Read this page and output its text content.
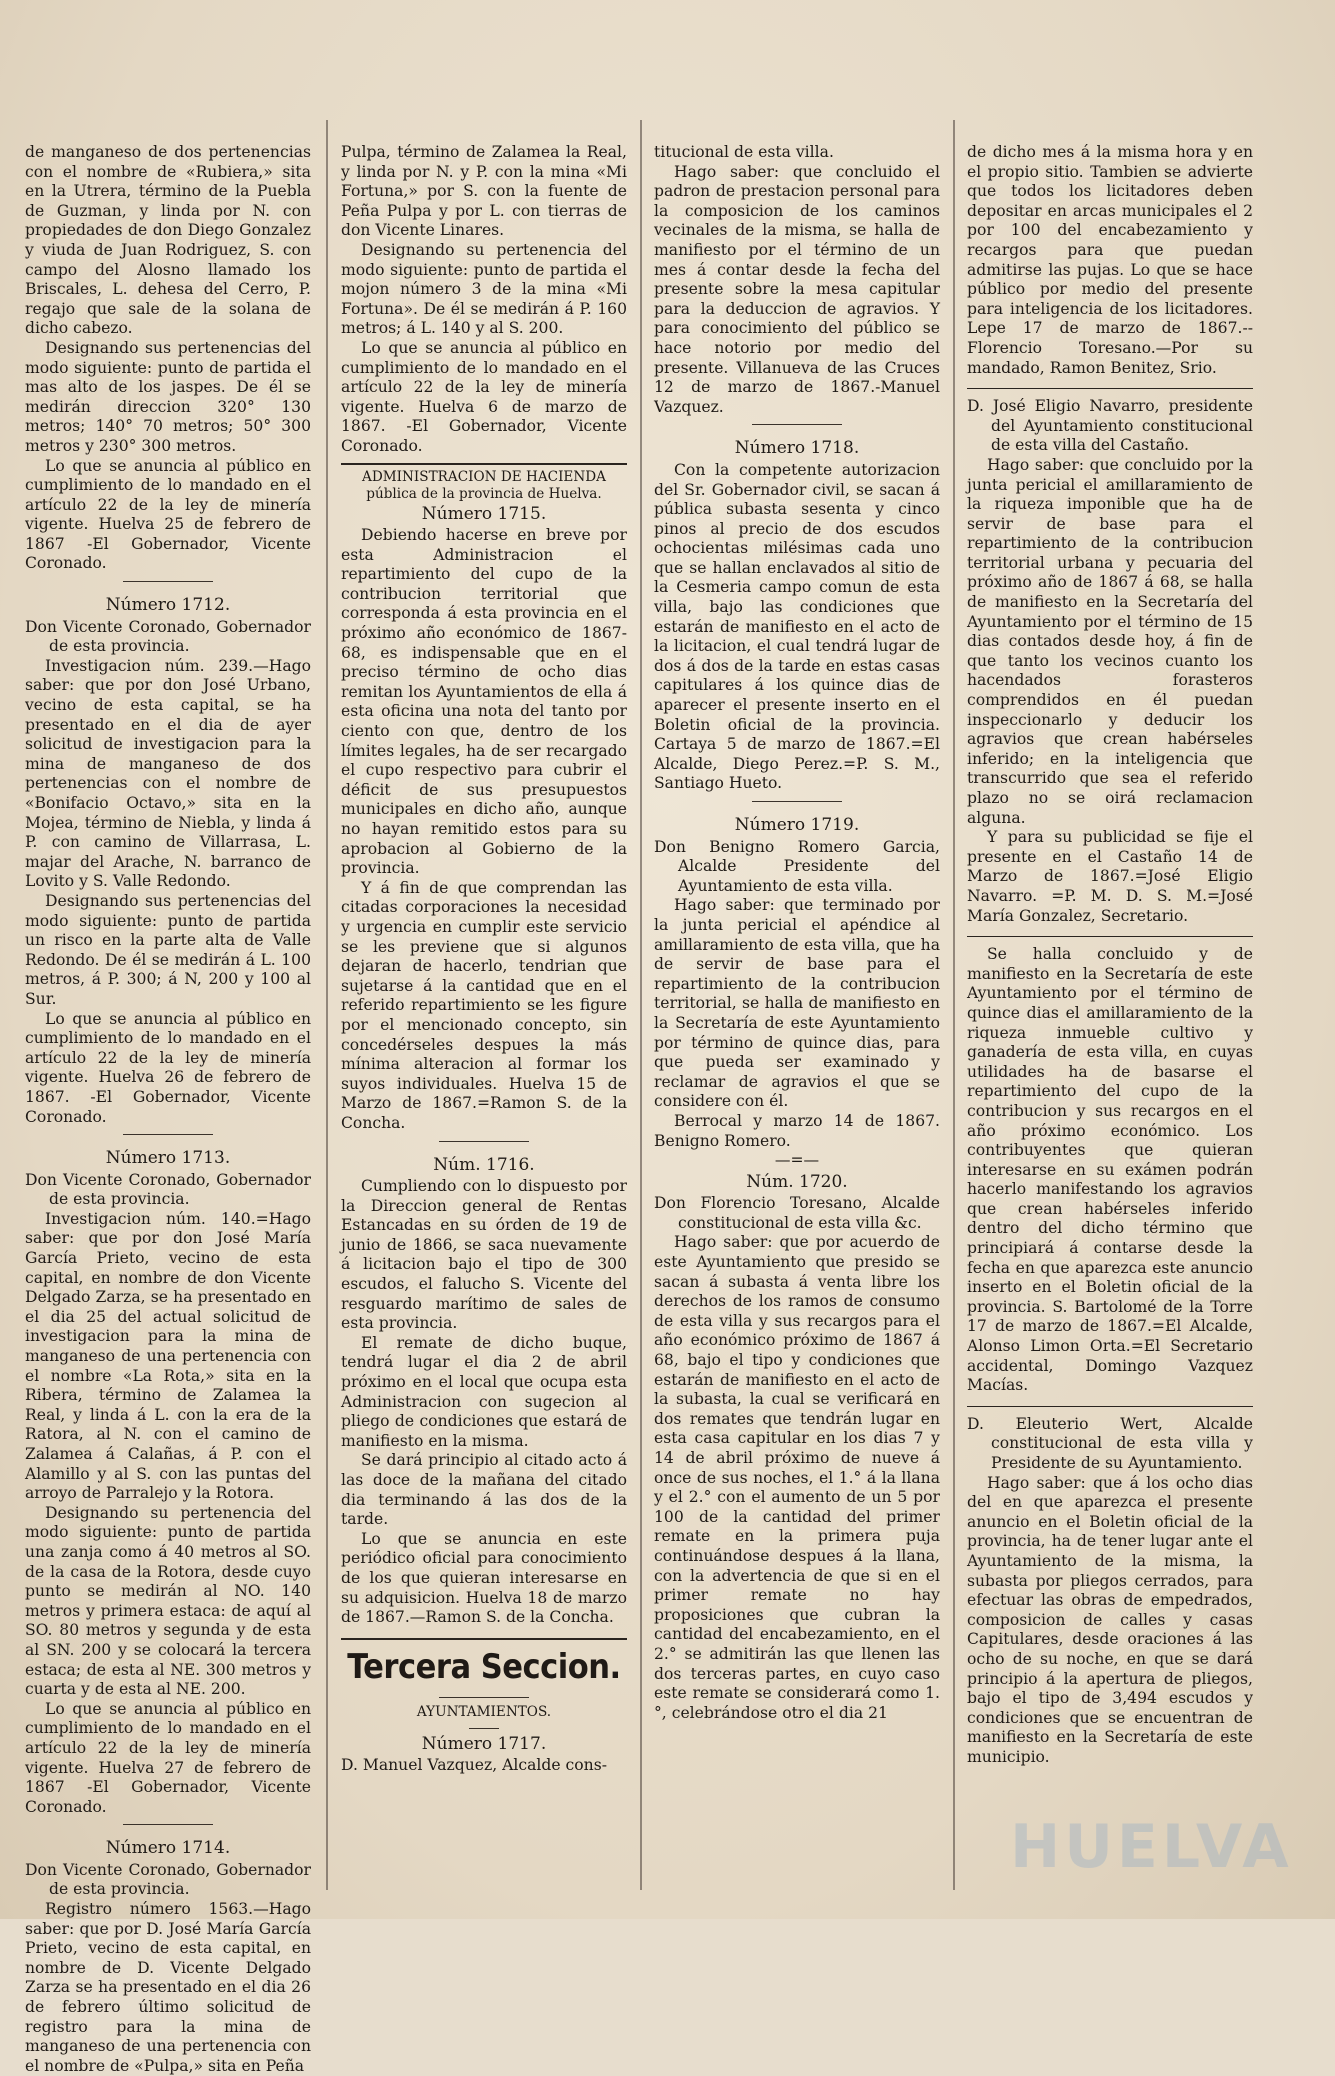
de manganeso de dos pertenencias con el nombre de «Rubiera,» sita en la Utrera, término de la Puebla de Guzman, y linda por N. con propiedades de don Diego Gonzalez y viuda de Juan Rodriguez, S. con campo del Alosno llamado los Briscales, L. dehesa del Cerro, P. regajo que sale de la solana de dicho cabezo.

Designando sus pertenencias del modo siguiente: punto de partida el mas alto de los jaspes. De él se medirán direccion 320° 130 metros; 140° 70 metros; 50° 300 metros y 230° 300 metros.

Lo que se anuncia al público en cumplimiento de lo mandado en el artículo 22 de la ley de minería vigente. Huelva 25 de febrero de 1867 -El Gobernador, Vicente Coronado.

Número 1712.

Don Vicente Coronado, Gobernador de esta provincia.

Investigacion núm. 239.—Hago saber: que por don José Urbano, vecino de esta capital, se ha presentado en el dia de ayer solicitud de investigacion para la mina de manganeso de dos pertenencias con el nombre de «Bonifacio Octavo,» sita en la Mojea, término de Niebla, y linda á P. con camino de Villarrasa, L. majar del Arache, N. barranco de Lovito y S. Valle Redondo.

Designando sus pertenencias del modo siguiente: punto de partida un risco en la parte alta de Valle Redondo. De él se medirán á L. 100 metros, á P. 300; á N, 200 y 100 al Sur.

Lo que se anuncia al público en cumplimiento de lo mandado en el artículo 22 de la ley de minería vigente. Huelva 26 de febrero de 1867. -El Gobernador, Vicente Coronado.

Número 1713.

Don Vicente Coronado, Gobernador de esta provincia.

Investigacion núm. 140.=Hago saber: que por don José María García Prieto, vecino de esta capital, en nombre de don Vicente Delgado Zarza, se ha presentado en el dia 25 del actual solicitud de investigacion para la mina de manganeso de una pertenencia con el nombre «La Rota,» sita en la Ribera, término de Zalamea la Real, y linda á L. con la era de la Ratora, al N. con el camino de Zalamea á Calañas, á P. con el Alamillo y al S. con las puntas del arroyo de Parralejo y la Rotora.

Designando su pertenencia del modo siguiente: punto de partida una zanja como á 40 metros al SO. de la casa de la Rotora, desde cuyo punto se medirán al NO. 140 metros y primera estaca: de aquí al SO. 80 metros y segunda y de esta al SN. 200 y se colocará la tercera estaca; de esta al NE. 300 metros y cuarta y de esta al NE. 200.

Lo que se anuncia al público en cumplimiento de lo mandado en el artículo 22 de la ley de minería vigente. Huelva 27 de febrero de 1867 -El Gobernador, Vicente Coronado.

Número 1714.

Don Vicente Coronado, Gobernador de esta provincia.

Registro número 1563.—Hago saber: que por D. José María García Prieto, vecino de esta capital, en nombre de D. Vicente Delgado Zarza se ha presentado en el dia 26 de febrero último solicitud de registro para la mina de manganeso de una pertenencia con el nombre de «Pulpa,» sita en Peña

Pulpa, término de Zalamea la Real, y linda por N. y P. con la mina «Mi Fortuna,» por S. con la fuente de Peña Pulpa y por L. con tierras de don Vicente Linares.

Designando su pertenencia del modo siguiente: punto de partida el mojon número 3 de la mina «Mi Fortuna». De él se medirán á P. 160 metros; á L. 140 y al S. 200.

Lo que se anuncia al público en cumplimiento de lo mandado en el artículo 22 de la ley de minería vigente. Huelva 6 de marzo de 1867. -El Gobernador, Vicente Coronado.

ADMINISTRACION DE HACIENDA
pública de la provincia de Huelva.
Número 1715.

Debiendo hacerse en breve por esta Administracion el repartimiento del cupo de la contribucion territorial que corresponda á esta provincia en el próximo año económico de 1867-68, es indispensable que en el preciso término de ocho dias remitan los Ayuntamientos de ella á esta oficina una nota del tanto por ciento con que, dentro de los límites legales, ha de ser recargado el cupo respectivo para cubrir el déficit de sus presupuestos municipales en dicho año, aunque no hayan remitido estos para su aprobacion al Gobierno de la provincia.

Y á fin de que comprendan las citadas corporaciones la necesidad y urgencia en cumplir este servicio se les previene que si algunos dejaran de hacerlo, tendrian que sujetarse á la cantidad que en el referido repartimiento se les figure por el mencionado concepto, sin concedérseles despues la más mínima alteracion al formar los suyos individuales. Huelva 15 de Marzo de 1867.=Ramon S. de la Concha.

Núm. 1716.

Cumpliendo con lo dispuesto por la Direccion general de Rentas Estancadas en su órden de 19 de junio de 1866, se saca nuevamente á licitacion bajo el tipo de 300 escudos, el falucho S. Vicente del resguardo marítimo de sales de esta provincia.

El remate de dicho buque, tendrá lugar el dia 2 de abril próximo en el local que ocupa esta Administracion con sugecion al pliego de condiciones que estará de manifiesto en la misma.

Se dará principio al citado acto á las doce de la mañana del citado dia terminando á las dos de la tarde.

Lo que se anuncia en este periódico oficial para conocimiento de los que quieran interesarse en su adquisicion. Huelva 18 de marzo de 1867.—Ramon S. de la Concha.

Tercera Seccion.
AYUNTAMIENTOS.
Número 1717.

D. Manuel Vazquez, Alcalde cons-

titucional de esta villa.

Hago saber: que concluido el padron de prestacion personal para la composicion de los caminos vecinales de la misma, se halla de manifiesto por el término de un mes á contar desde la fecha del presente sobre la mesa capitular para la deduccion de agravios. Y para conocimiento del público se hace notorio por medio del presente. Villanueva de las Cruces 12 de marzo de 1867.-Manuel Vazquez.

Número 1718.

Con la competente autorizacion del Sr. Gobernador civil, se sacan á pública subasta sesenta y cinco pinos al precio de dos escudos ochocientas milésimas cada uno que se hallan enclavados al sitio de la Cesmeria campo comun de esta villa, bajo las condiciones que estarán de manifiesto en el acto de la licitacion, el cual tendrá lugar de dos á dos de la tarde en estas casas capitulares á los quince dias de aparecer el presente inserto en el Boletin oficial de la provincia. Cartaya 5 de marzo de 1867.=El Alcalde, Diego Perez.=P. S. M., Santiago Hueto.

Número 1719.

Don Benigno Romero Garcia, Alcalde Presidente del Ayuntamiento de esta villa.

Hago saber: que terminado por la junta pericial el apéndice al amillaramiento de esta villa, que ha de servir de base para el repartimiento de la contribucion territorial, se halla de manifiesto en la Secretaría de este Ayuntamiento por término de quince dias, para que pueda ser examinado y reclamar de agravios el que se considere con él.

Berrocal y marzo 14 de 1867. Benigno Romero.

—=—
Núm. 1720.

Don Florencio Toresano, Alcalde constitucional de esta villa &c.

Hago saber: que por acuerdo de este Ayuntamiento que presido se sacan á subasta á venta libre los derechos de los ramos de consumo de esta villa y sus recargos para el año económico próximo de 1867 á 68, bajo el tipo y condiciones que estarán de manifiesto en el acto de la subasta, la cual se verificará en dos remates que tendrán lugar en esta casa capitular en los dias 7 y 14 de abril próximo de nueve á once de sus noches, el 1.° á la llana y el 2.° con el aumento de un 5 por 100 de la cantidad del primer remate en la primera puja continuándose despues á la llana, con la advertencia de que si en el primer remate no hay proposiciones que cubran la cantidad del encabezamiento, en el 2.° se admitirán las que llenen las dos terceras partes, en cuyo caso este remate se considerará como 1.°, celebrándose otro el dia 21

de dicho mes á la misma hora y en el propio sitio. Tambien se advierte que todos los licitadores deben depositar en arcas municipales el 2 por 100 del encabezamiento y recargos para que puedan admitirse las pujas. Lo que se hace público por medio del presente para inteligencia de los licitadores. Lepe 17 de marzo de 1867.--Florencio Toresano.—Por su mandado, Ramon Benitez, Srio.

D. José Eligio Navarro, presidente del Ayuntamiento constitucional de esta villa del Castaño.

Hago saber: que concluido por la junta pericial el amillaramiento de la riqueza imponible que ha de servir de base para el repartimiento de la contribucion territorial urbana y pecuaria del próximo año de 1867 á 68, se halla de manifiesto en la Secretaría del Ayuntamiento por el término de 15 dias contados desde hoy, á fin de que tanto los vecinos cuanto los hacendados forasteros comprendidos en él puedan inspeccionarlo y deducir los agravios que crean habérseles inferido; en la inteligencia que transcurrido que sea el referido plazo no se oirá reclamacion alguna.

Y para su publicidad se fije el presente en el Castaño 14 de Marzo de 1867.=José Eligio Navarro. =P. M. D. S. M.=José María Gonzalez, Secretario.

Se halla concluido y de manifiesto en la Secretaría de este Ayuntamiento por el término de quince dias el amillaramiento de la riqueza inmueble cultivo y ganadería de esta villa, en cuyas utilidades ha de basarse el repartimiento del cupo de la contribucion y sus recargos en el año próximo económico. Los contribuyentes que quieran interesarse en su exámen podrán hacerlo manifestando los agravios que crean habérseles inferido dentro del dicho término que principiará á contarse desde la fecha en que aparezca este anuncio inserto en el Boletin oficial de la provincia. S. Bartolomé de la Torre 17 de marzo de 1867.=El Alcalde, Alonso Limon Orta.=El Secretario accidental, Domingo Vazquez Macías.

D. Eleuterio Wert, Alcalde constitucional de esta villa y Presidente de su Ayuntamiento.

Hago saber: que á los ocho dias del en que aparezca el presente anuncio en el Boletin oficial de la provincia, ha de tener lugar ante el Ayuntamiento de la misma, la subasta por pliegos cerrados, para efectuar las obras de empedrados, composicion de calles y casas Capitulares, desde oraciones á las ocho de su noche, en que se dará principio á la apertura de pliegos, bajo el tipo de 3,494 escudos y condiciones que se encuentran de manifiesto en la Secretaría de este municipio.

HUELVA
